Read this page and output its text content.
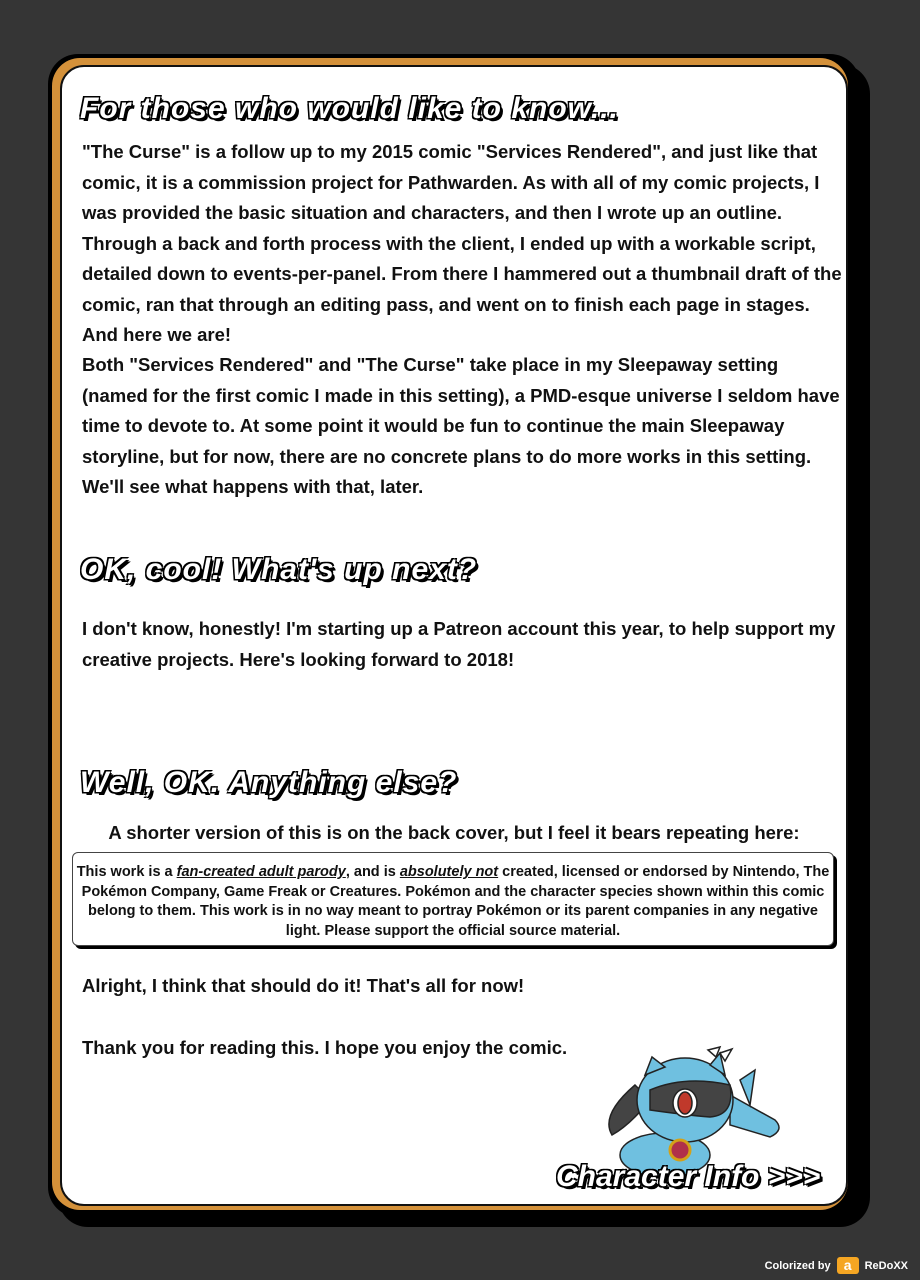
For those who would like to know...
"The Curse" is a follow up to my 2015 comic "Services Rendered", and just like that comic, it is a commission project for Pathwarden. As with all of my comic projects, I was provided the basic situation and characters, and then I wrote up an outline. Through a back and forth process with the client, I ended up with a workable script, detailed down to events-per-panel. From there I hammered out a thumbnail draft of the comic, ran that through an editing pass, and went on to finish each page in stages. And here we are!
Both "Services Rendered" and "The Curse" take place in my Sleepaway setting (named for the first comic I made in this setting), a PMD-esque universe I seldom have time to devote to. At some point it would be fun to continue the main Sleepaway storyline, but for now, there are no concrete plans to do more works in this setting. We'll see what happens with that, later.
OK, cool! What's up next?
I don't know, honestly! I'm starting up a Patreon account this year, to help support my creative projects. Here's looking forward to 2018!
Well, OK. Anything else?
A shorter version of this is on the back cover, but I feel it bears repeating here:
This work is a fan-created adult parody, and is absolutely not created, licensed or endorsed by Nintendo, The Pokémon Company, Game Freak or Creatures. Pokémon and the character species shown within this comic belong to them. This work is in no way meant to portray Pokémon or its parent companies in any negative light. Please support the official source material.
Alright, I think that should do it! That's all for now!
Thank you for reading this. I hope you enjoy the comic.
Character Info >>>
Colorized by a	ReDoXX
